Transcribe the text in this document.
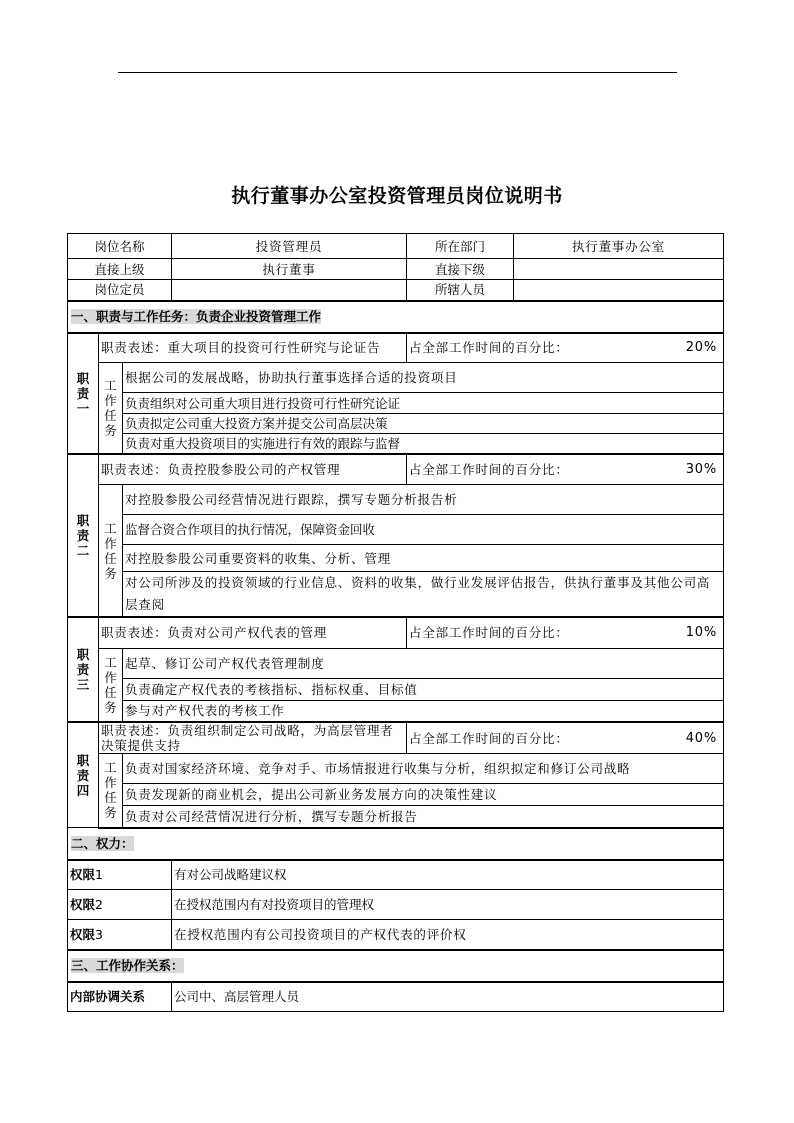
执行董事办公室投资管理员岗位说明书
岗位名称			投资管理员	所在部门	执行董事办公室
直接上级			执行董事	直接下级	
岗位定员				所辖人员	
一、职责与工作任务：负责企业投资管理工作					
职
责
一	职责表述：重大项目的投资可行性研究与论证告			占全部工作时间的百分比： 20%	

	工
作
任
务	根据公司的发展战略，协助执行董事选择合适的投资项目			
		负责组织对公司重大项目进行投资可行性研究论证			
		负责拟定公司重大投资方案并提交公司高层决策			
		负责对重大投资项目的实施进行有效的跟踪与监督			
职
责
二	职责表述：负责控股参股公司的产权管理			占全部工作时间的百分比： 30%	

	工
作
任
务	对控股参股公司经营情况进行跟踪，撰写专题分析报告析			
		监督合资合作项目的执行情况，保障资金回收			
		对控股参股公司重要资料的收集、分析、管理			
		对公司所涉及的投资领域的行业信息、资料的收集，做行业发展评估报告，供执行董事及其他公司高层查阅			
职
责
三	职责表述：负责对公司产权代表的管理			占全部工作时间的百分比： 10%	

	工
作
任
务	起草、修订公司产权代表管理制度			
		负责确定产权代表的考核指标、指标权重、目标值			
		参与对产权代表的考核工作			
职
责
四	职责表述：负责组织制定公司战略，为高层管理者决策提供支持			占全部工作时间的百分比： 40%	

	工
作
任
务	负责对国家经济环境、竞争对手、市场情报进行收集与分析，组织拟定和修订公司战略			
		负责发现新的商业机会，提出公司新业务发展方向的决策性建议			
		负责对公司经营情况进行分析，撰写专题分析报告			
二、权力：					
权限1			有对公司战略建议权		
权限2			在授权范围内有对投资项目的管理权		
权限3			在授权范围内有公司投资项目的产权代表的评价权		
三、工作协作关系：					
内部协调关系			公司中、高层管理人员		
